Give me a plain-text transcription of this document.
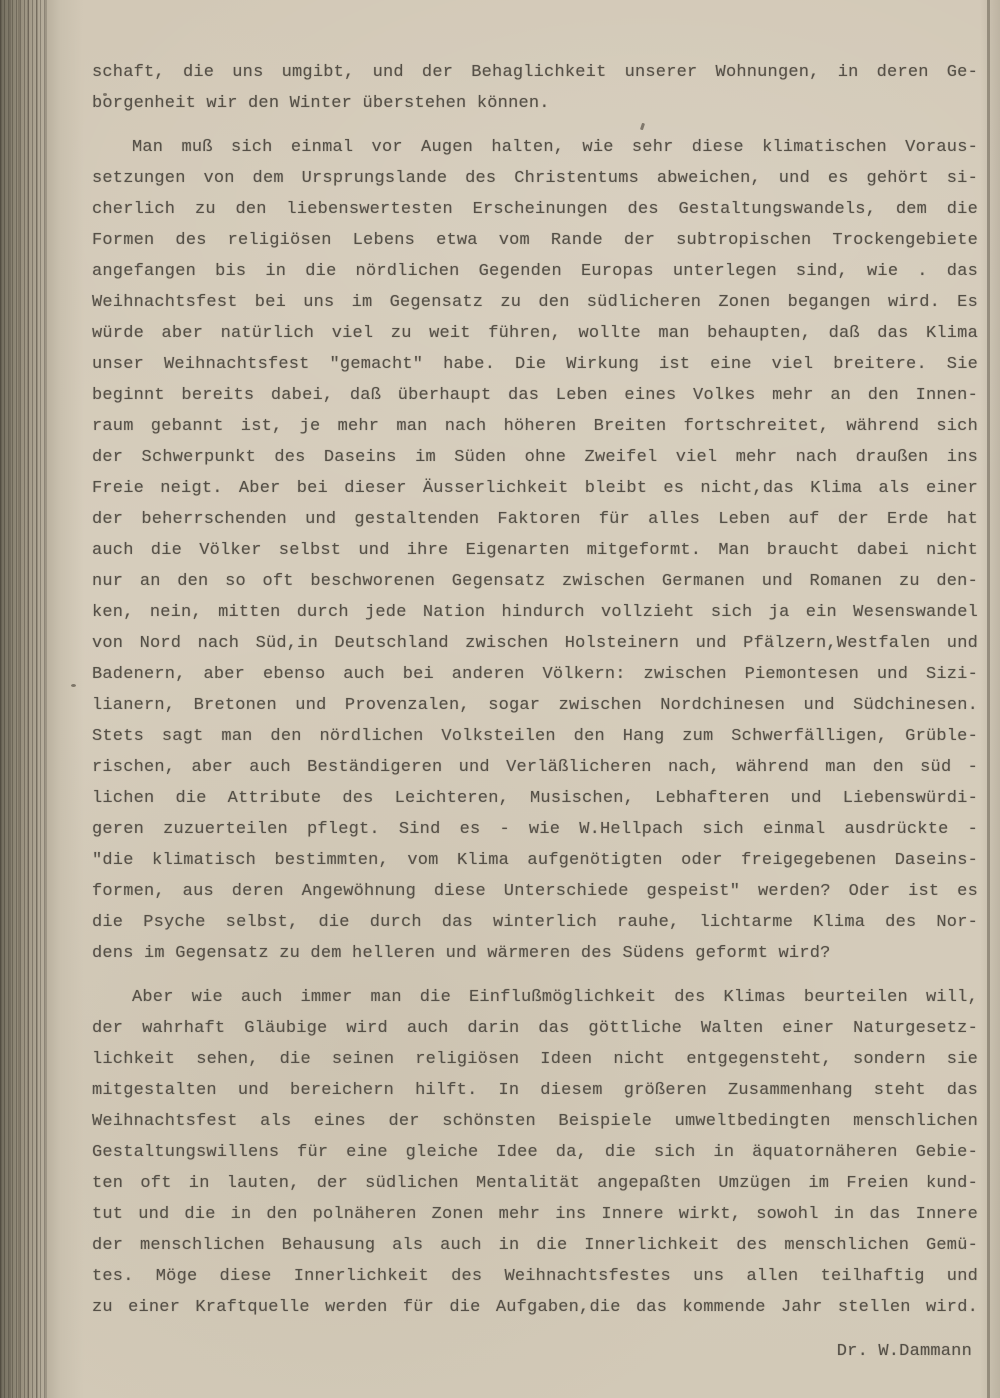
schaft, die uns umgibt, und der Behaglichkeit unserer Wohnungen, in deren Ge-
borgenheit wir den Winter überstehen können.
Man muß sich einmal vor Augen halten, wie sehr diese klimatischen Voraus-
setzungen von dem Ursprungslande des Christentums abweichen, und es gehört si-
cherlich zu den liebenswertesten Erscheinungen des Gestaltungswandels, dem die
Formen des religiösen Lebens etwa vom Rande der subtropischen Trockengebiete
angefangen bis in die nördlichen Gegenden Europas unterlegen sind, wie . das
Weihnachtsfest bei uns im Gegensatz zu den südlicheren Zonen begangen wird. Es
würde aber natürlich viel zu weit führen, wollte man behaupten, daß das Klima
unser Weihnachtsfest "gemacht" habe. Die Wirkung ist eine viel breitere. Sie
beginnt bereits dabei, daß überhaupt das Leben eines Volkes mehr an den Innen-
raum gebannt ist, je mehr man nach höheren Breiten fortschreitet, während sich
der Schwerpunkt des Daseins im Süden ohne Zweifel viel mehr nach draußen ins
Freie neigt. Aber bei dieser Äusserlichkeit bleibt es nicht,das Klima als einer
der beherrschenden und gestaltenden Faktoren für alles Leben auf der Erde hat
auch die Völker selbst und ihre Eigenarten mitgeformt. Man braucht dabei nicht
nur an den so oft beschworenen Gegensatz zwischen Germanen und Romanen zu den-
ken, nein, mitten durch jede Nation hindurch vollzieht sich ja ein Wesenswandel
von Nord nach Süd,in Deutschland zwischen Holsteinern und Pfälzern,Westfalen und
Badenern, aber ebenso auch bei anderen Völkern: zwischen Piemontesen und Sizi-
lianern, Bretonen und Provenzalen, sogar zwischen Nordchinesen und Südchinesen.
Stets sagt man den nördlichen Volksteilen den Hang zum Schwerfälligen, Grüble-
rischen, aber auch Beständigeren und Verläßlicheren nach, während man den süd -
lichen die Attribute des Leichteren, Musischen, Lebhafteren und Liebenswürdi-
geren zuzuerteilen pflegt. Sind es - wie W.Hellpach sich einmal ausdrückte -
"die klimatisch bestimmten, vom Klima aufgenötigten oder freigegebenen Daseins-
formen, aus deren Angewöhnung diese Unterschiede gespeist" werden? Oder ist es
die Psyche selbst, die durch das winterlich rauhe, lichtarme Klima des Nor-
dens im Gegensatz zu dem helleren und wärmeren des Südens geformt wird?
Aber wie auch immer man die Einflußmöglichkeit des Klimas beurteilen will,
der wahrhaft Gläubige wird auch darin das göttliche Walten einer Naturgesetz-
lichkeit sehen, die seinen religiösen Ideen nicht entgegensteht, sondern sie
mitgestalten und bereichern hilft. In diesem größeren Zusammenhang steht das
Weihnachtsfest als eines der schönsten Beispiele umweltbedingten menschlichen
Gestaltungswillens für eine gleiche Idee da, die sich in äquatornäheren Gebie-
ten oft in lauten, der südlichen Mentalität angepaßten Umzügen im Freien kund-
tut und die in den polnäheren Zonen mehr ins Innere wirkt, sowohl in das Innere
der menschlichen Behausung als auch in die Innerlichkeit des menschlichen Gemü-
tes. Möge diese Innerlichkeit des Weihnachtsfestes uns allen teilhaftig und
zu einer Kraftquelle werden für die Aufgaben,die das kommende Jahr stellen wird.
Dr. W.Dammann
